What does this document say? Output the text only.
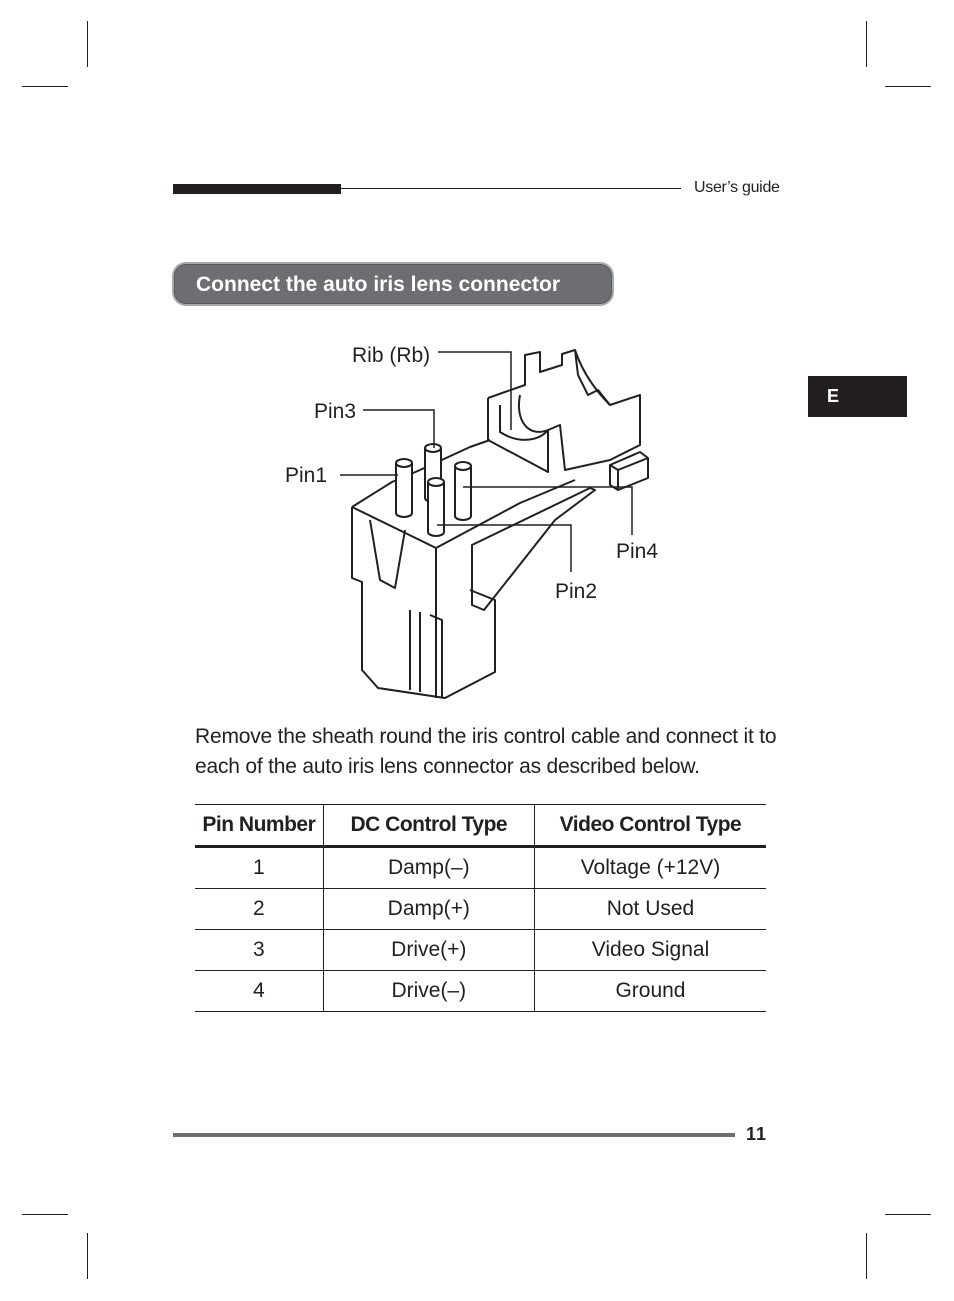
User’s guide
E
Connect the auto iris lens connector
Rib (Rb)
Pin3
Pin1
Pin4
Pin2

Remove the sheath round the iris control cable and connect it to

each of the auto iris lens connector as described below.

Pin Number	DC Control Type	Video Control Type
1	Damp(–)	Voltage (+12V)
2	Damp(+)	Not Used
3	Drive(+)	Video Signal
4	Drive(–)	Ground
11
